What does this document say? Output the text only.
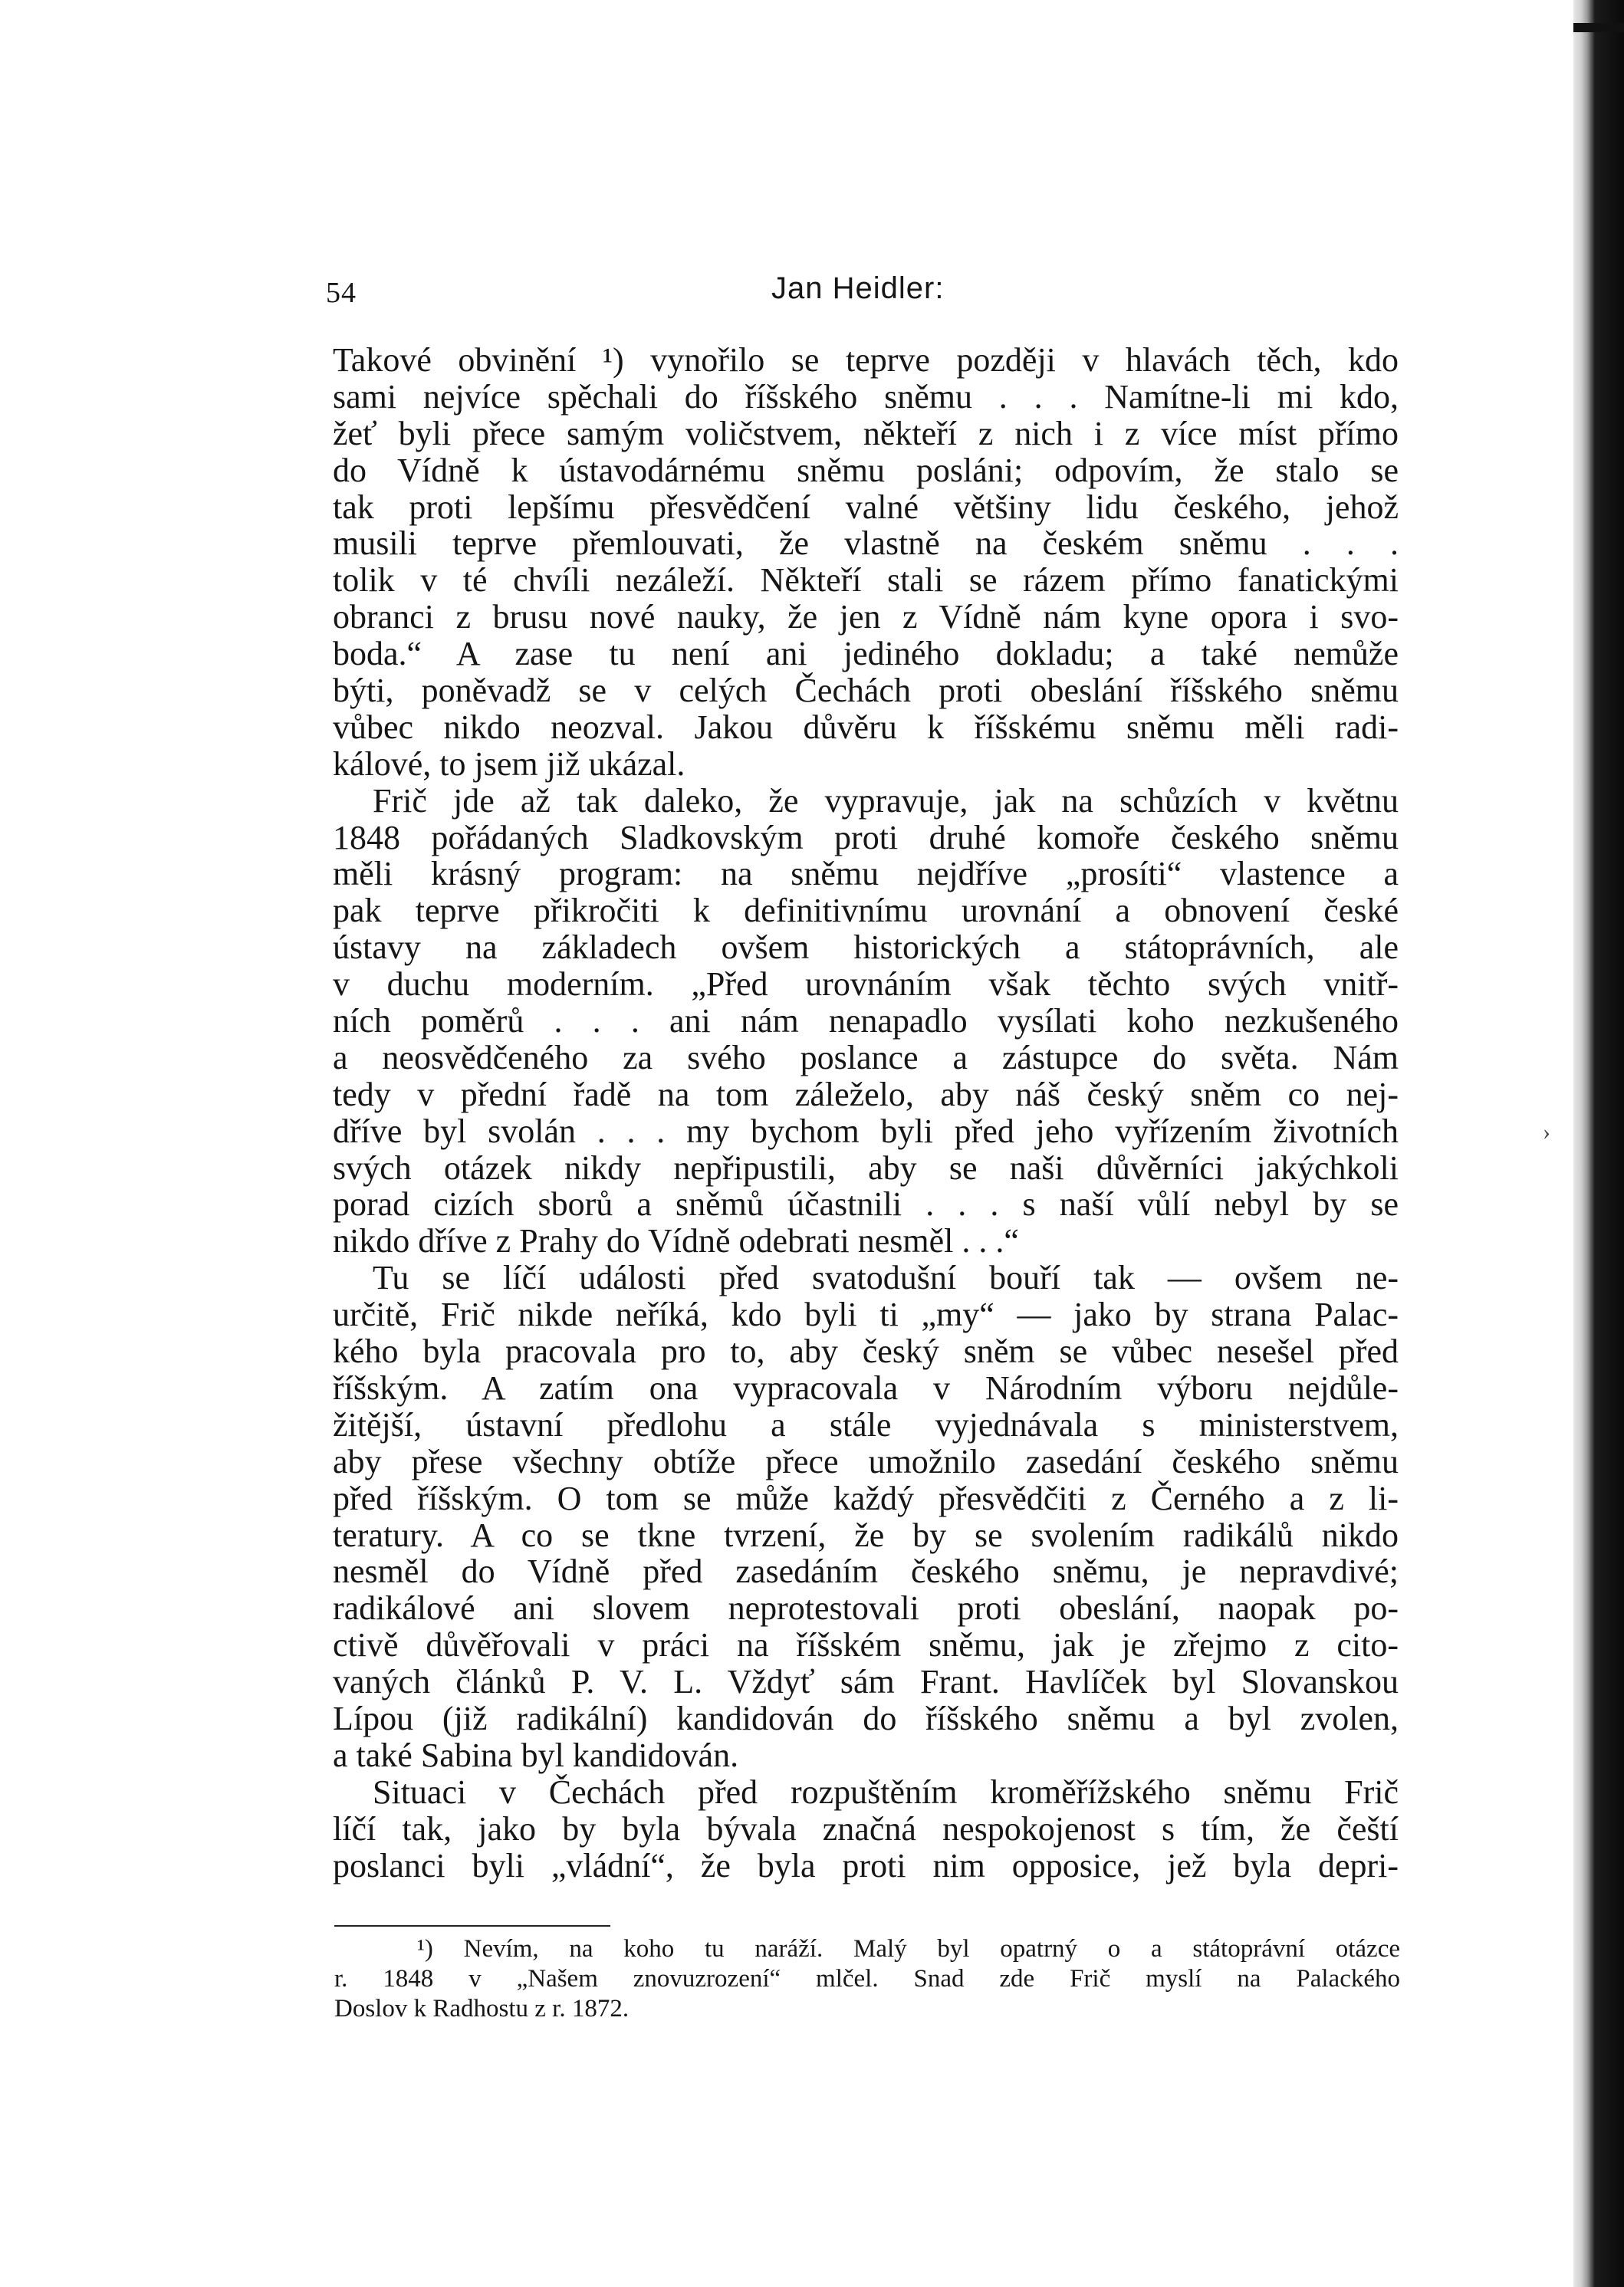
54	Jan Heidler:
Takové obvinění ¹) vynořilo se teprve později v hlavách těch, kdo
sami nejvíce spěchali do říšského sněmu . . . Namítne-li mi kdo,
žeť byli přece samým voličstvem, někteří z nich i z více míst přímo
do Vídně k ústavodárnému sněmu posláni; odpovím, že stalo se
tak proti lepšímu přesvědčení valné většiny lidu českého, jehož
musili teprve přemlouvati, že vlastně na českém sněmu . . .
tolik v té chvíli nezáleží. Někteří stali se rázem přímo fanatickými
obranci z brusu nové nauky, že jen z Vídně nám kyne opora i svo-
boda.“ A zase tu není ani jediného dokladu; a také nemůže
býti, poněvadž se v celých Čechách proti obeslání říšského sněmu
vůbec nikdo neozval. Jakou důvěru k říšskému sněmu měli radi-
kálové, to jsem již ukázal.
Frič jde až tak daleko, že vypravuje, jak na schůzích v květnu
1848 pořádaných Sladkovským proti druhé komoře českého sněmu
měli krásný program: na sněmu nejdříve „prosíti“ vlastence a
pak teprve přikročiti k definitivnímu urovnání a obnovení české
ústavy na základech ovšem historických a státoprávních, ale
v duchu moderním. „Před urovnáním však těchto svých vnitř-
ních poměrů . . . ani nám nenapadlo vysílati koho nezkušeného
a neosvědčeného za svého poslance a zástupce do světa. Nám
tedy v přední řadě na tom záleželo, aby náš český sněm co nej-
dříve byl svolán . . . my bychom byli před jeho vyřízením životních
svých otázek nikdy nepřipustili, aby se naši důvěrníci jakýchkoli
porad cizích sborů a sněmů účastnili . . . s naší vůlí nebyl by se
nikdo dříve z Prahy do Vídně odebrati nesměl . . .“
Tu se líčí události před svatodušní bouří tak — ovšem ne-
určitě, Frič nikde neříká, kdo byli ti „my“ — jako by strana Palac-
kého byla pracovala pro to, aby český sněm se vůbec nesešel před
říšským. A zatím ona vypracovala v Národním výboru nejdůle-
žitější, ústavní předlohu a stále vyjednávala s ministerstvem,
aby přese všechny obtíže přece umožnilo zasedání českého sněmu
před říšským. O tom se může každý přesvědčiti z Černého a z li-
teratury. A co se tkne tvrzení, že by se svolením radikálů nikdo
nesměl do Vídně před zasedáním českého sněmu, je nepravdivé;
radikálové ani slovem neprotestovali proti obeslání, naopak po-
ctivě důvěřovali v práci na říšském sněmu, jak je zřejmo z cito-
vaných článků P. V. L. Vždyť sám Frant. Havlíček byl Slovanskou
Lípou (již radikální) kandidován do říšského sněmu a byl zvolen,
a také Sabina byl kandidován.
Situaci v Čechách před rozpuštěním kroměřížského sněmu Frič
líčí tak, jako by byla bývala značná nespokojenost s tím, že čeští
poslanci byli „vládní“, že byla proti nim opposice, jež byla depri-
¹) Nevím, na koho tu naráží. Malý byl opatrný o a státoprávní otázce
r. 1848 v „Našem znovuzrození“ mlčel. Snad zde Frič myslí na Palackého
Doslov k Radhostu z r. 1872.
›
